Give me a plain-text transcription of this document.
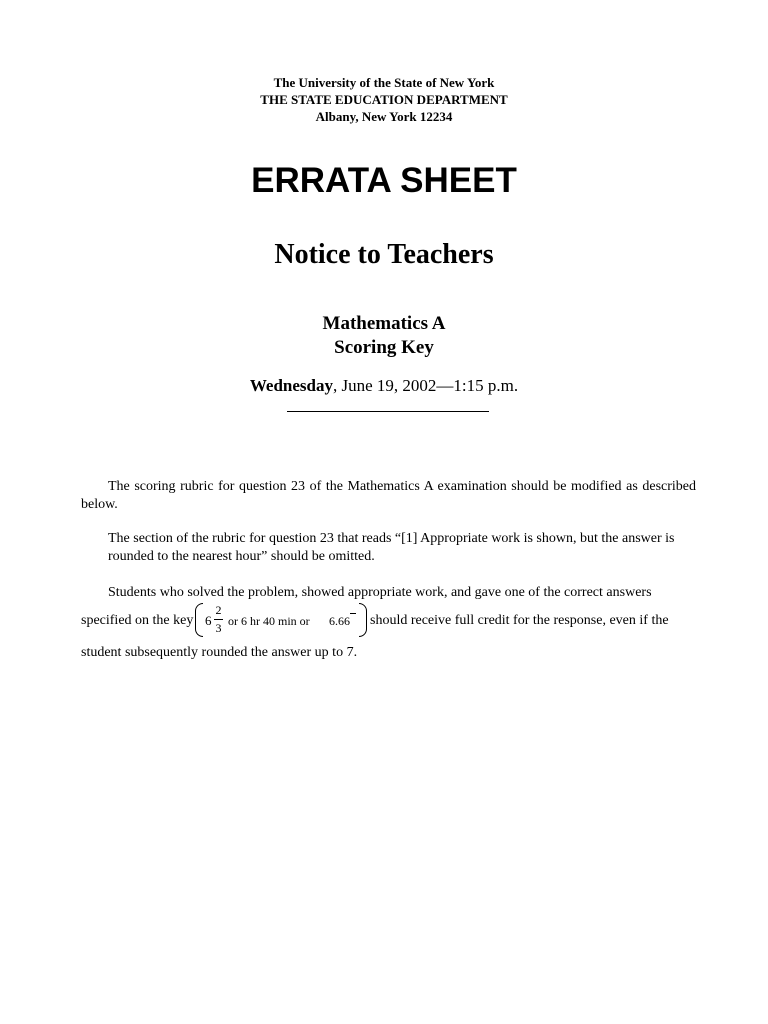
The University of the State of New York
THE STATE EDUCATION DEPARTMENT
Albany, New York 12234
ERRATA SHEET
Notice to Teachers
Mathematics A
Scoring Key
Wednesday, June 19, 2002—1:15 p.m.
The scoring rubric for question 23 of the Mathematics A examination should be modified as described below.
The section of the rubric for question 23 that reads “[1] Appropriate work is shown, but the answer is rounded to the nearest hour” should be omitted.
Students who solved the problem, showed appropriate work, and gave one of the correct answers
specified on the key 6
2
3 or 6 hr 40 min or 6.66 should receive full credit for the response, even if the
student subsequently rounded the answer up to 7.
